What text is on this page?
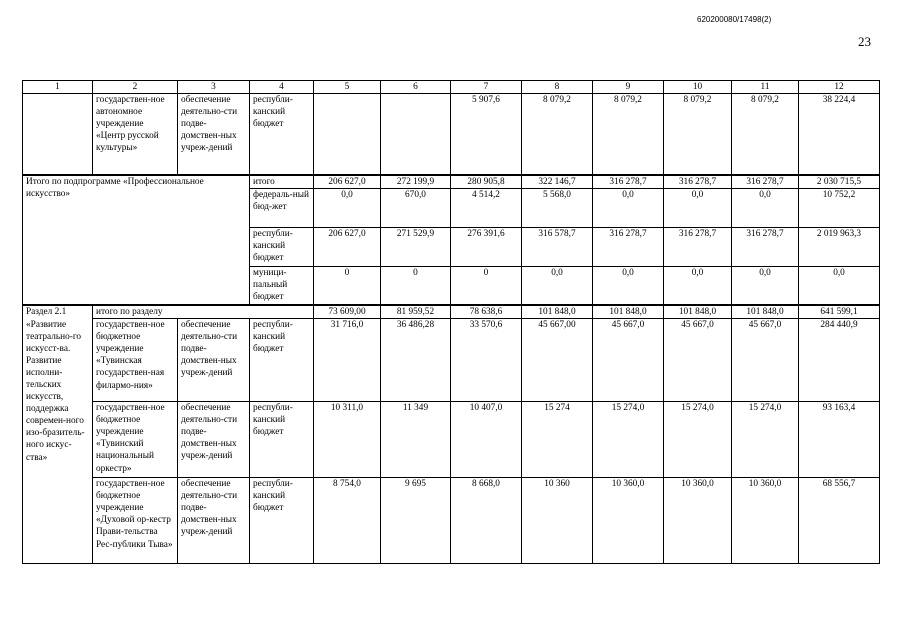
620200080/17498(2)
23
1	2	3	4	5	6	7	8	9	10	11	12
	государствен-ное автономное учреждение «Центр русской культуры»	обеспечение деятельно-сти подве-домствен-ных учреж-дений	республи-канский бюджет			5 907,6	8 079,2	8 079,2	8 079,2	8 079,2	38 224,4
Итого по подпрограмме «Профессиональное искусство»			итого	206 627,0	272 199,9	280 905,8	322 146,7	316 278,7	316 278,7	316 278,7	2 030 715,5
			федераль-ный бюд-жет	0,0	670,0	4 514,2	5 568,0	0,0	0,0	0,0	10 752,2
			республи-канский бюджет	206 627,0	271 529,9	276 391,6	316 578,7	316 278,7	316 278,7	316 278,7	2 019 963,3
			муници-пальный бюджет	0	0	0	0,0	0,0	0,0	0,0	0,0
Раздел 2.1	итого по разделу			73 609,00	81 959,52	78 638,6	101 848,0	101 848,0	101 848,0	101 848,0	641 599,1
«Развитие театрально-го искусст-ва. Развитие исполни-тельских искусств, поддержка современ-ного изо-бразитель-ного искус-ства»	государствен-ное бюджетное учреждение «Тувинская государствен-ная филармо-ния»	обеспечение деятельно-сти подве-домствен-ных учреж-дений	республи-канский бюджет	31 716,0	36 486,28	33 570,6	45 667,00	45 667,0	45 667,0	45 667,0	284 440,9
	государствен-ное бюджетное учреждение «Тувинский национальный оркестр»	обеспечение деятельно-сти подве-домствен-ных учреж-дений	республи-канский бюджет	10 311,0	11 349	10 407,0	15 274	15 274,0	15 274,0	15 274,0	93 163,4
	государствен-ное бюджетное учреждение «Духовой ор-кестр Прави-тельства Рес-публики Тыва»	обеспечение деятельно-сти подве-домствен-ных учреж-дений	республи-канский бюджет	8 754,0	9 695	8 668,0	10 360	10 360,0	10 360,0	10 360,0	68 556,7
